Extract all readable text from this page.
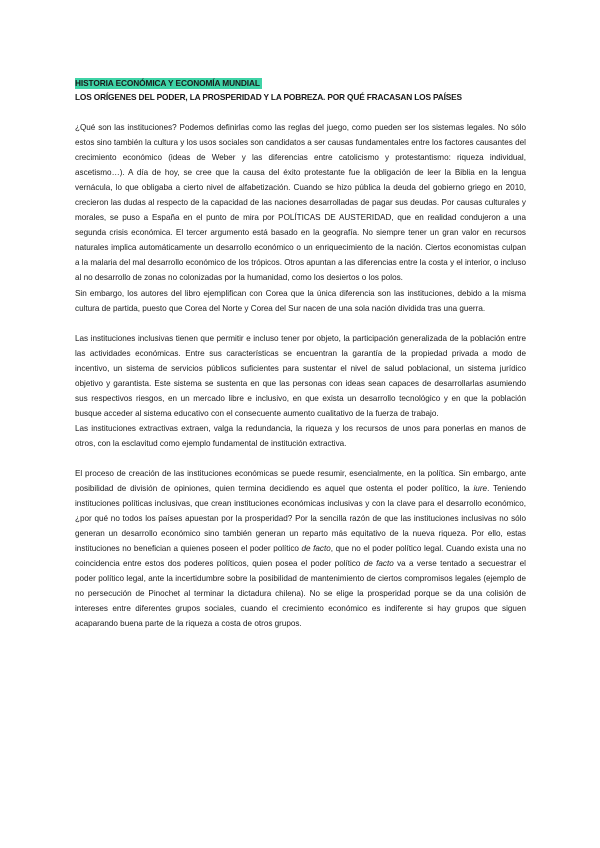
HISTORIA ECONÓMICA Y ECONOMÍA MUNDIAL
LOS ORÍGENES DEL PODER, LA PROSPERIDAD Y LA POBREZA. POR QUÉ FRACASAN LOS PAÍSES

¿Qué son las instituciones? Podemos definirlas como las reglas del juego, como pueden ser los sistemas legales. No sólo estos sino también la cultura y los usos sociales son candidatos a ser causas fundamentales entre los factores causantes del crecimiento económico (ideas de Weber y las diferencias entre catolicismo y protestantismo: riqueza individual, ascetismo…). A día de hoy, se cree que la causa del éxito protestante fue la obligación de leer la Biblia en la lengua vernácula, lo que obligaba a cierto nivel de alfabetización. Cuando se hizo pública la deuda del gobierno griego en 2010, crecieron las dudas al respecto de la capacidad de las naciones desarrolladas de pagar sus deudas. Por causas culturales y morales, se puso a España en el punto de mira por POLÍTICAS DE AUSTERIDAD, que en realidad condujeron a una segunda crisis económica. El tercer argumento está basado en la geografía. No siempre tener un gran valor en recursos naturales implica automáticamente un desarrollo económico o un enriquecimiento de la nación. Ciertos economistas culpan a la malaria del mal desarrollo económico de los trópicos. Otros apuntan a las diferencias entre la costa y el interior, o incluso al no desarrollo de zonas no colonizadas por la humanidad, como los desiertos o los polos.

Sin embargo, los autores del libro ejemplifican con Corea que la única diferencia son las instituciones, debido a la misma cultura de partida, puesto que Corea del Norte y Corea del Sur nacen de una sola nación dividida tras una guerra.

Las instituciones inclusivas tienen que permitir e incluso tener por objeto, la participación generalizada de la población entre las actividades económicas. Entre sus características se encuentran la garantía de la propiedad privada a modo de incentivo, un sistema de servicios públicos suficientes para sustentar el nivel de salud poblacional, un sistema jurídico objetivo y garantista. Este sistema se sustenta en que las personas con ideas sean capaces de desarrollarlas asumiendo sus respectivos riesgos, en un mercado libre e inclusivo, en que exista un desarrollo tecnológico y en que la población busque acceder al sistema educativo con el consecuente aumento cualitativo de la fuerza de trabajo.

Las instituciones extractivas extraen, valga la redundancia, la riqueza y los recursos de unos para ponerlas en manos de otros, con la esclavitud como ejemplo fundamental de institución extractiva.

El proceso de creación de las instituciones económicas se puede resumir, esencialmente, en la política. Sin embargo, ante posibilidad de división de opiniones, quien termina decidiendo es aquel que ostenta el poder político, la iure. Teniendo instituciones políticas inclusivas, que crean instituciones económicas inclusivas y con la clave para el desarrollo económico, ¿por qué no todos los países apuestan por la prosperidad? Por la sencilla razón de que las instituciones inclusivas no sólo generan un desarrollo económico sino también generan un reparto más equitativo de la nueva riqueza. Por ello, estas instituciones no benefician a quienes poseen el poder político de facto, que no el poder político legal. Cuando exista una no coincidencia entre estos dos poderes políticos, quien posea el poder político de facto va a verse tentado a secuestrar el poder político legal, ante la incertidumbre sobre la posibilidad de mantenimiento de ciertos compromisos legales (ejemplo de no persecución de Pinochet al terminar la dictadura chilena). No se elige la prosperidad porque se da una colisión de intereses entre diferentes grupos sociales, cuando el crecimiento económico es indiferente si hay grupos que siguen acaparando buena parte de la riqueza a costa de otros grupos.
